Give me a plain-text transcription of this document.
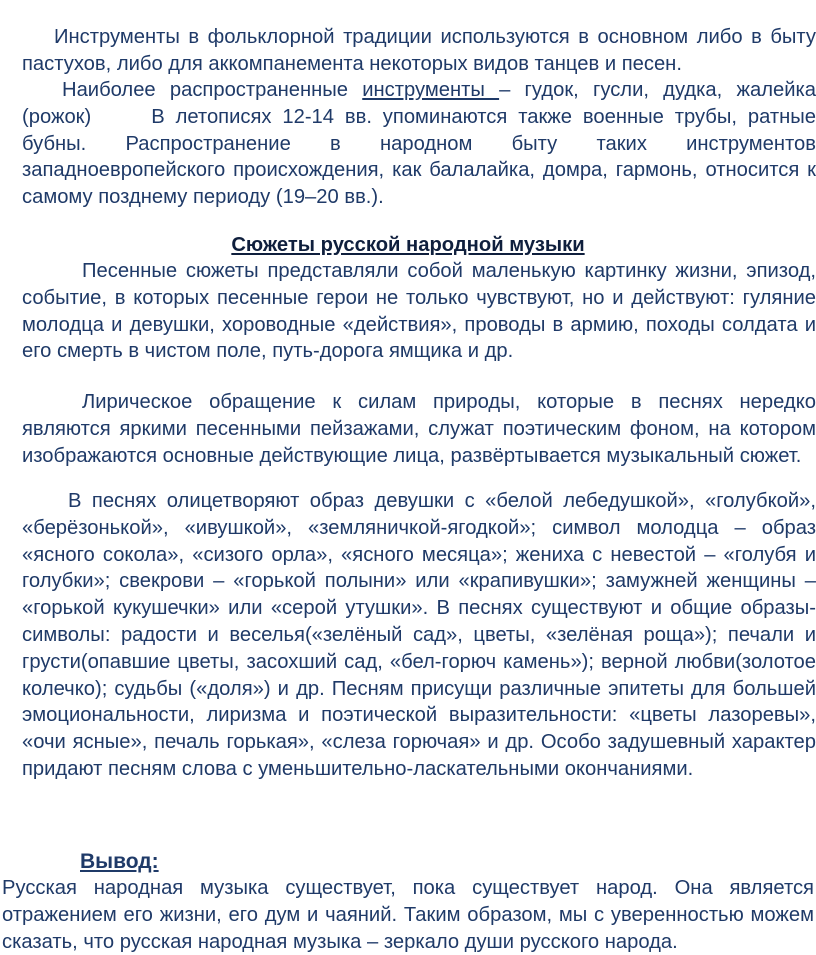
Инструменты в фольклорной традиции используются в основном либо в быту пастухов, либо для аккомпанемента некоторых видов танцев и песен.

Наиболее распространенные инструменты – гудок, гусли, дудка, жалейка (рожок)	В летописях 12-14 вв. упоминаются также военные трубы, ратные бубны. Распространение в народном быту таких инструментов западноевропейского происхождения, как балалайка, домра, гармонь, относится к самому позднему периоду (19–20 вв.).

Сюжеты русской народной музыки

Песенные сюжеты представляли собой маленькую картинку жизни, эпизод, событие, в которых песенные герои не только чувствуют, но и действуют: гуляние молодца и девушки, хороводные «действия», проводы в армию, походы солдата и его смерть в чистом поле, путь-дорога ямщика и др.

Лирическое обращение к силам природы, которые в песнях нередко являются яркими песенными пейзажами, служат поэтическим фоном, на котором изображаются основные действующие лица, развёртывается музыкальный сюжет.

В песнях олицетворяют образ девушки с «белой лебедушкой», «голубкой», «берёзонькой», «ивушкой», «земляничкой-ягодкой»; символ молодца – образ «ясного сокола», «сизого орла», «ясного месяца»; жениха с невестой – «голубя и голубки»; свекрови – «горькой полыни» или «крапивушки»; замужней женщины – «горькой кукушечки» или «серой утушки». В песнях существуют и общие образы-символы: радости и веселья(«зелёный сад», цветы, «зелёная роща»); печали и грусти(опавшие цветы, засохший сад, «бел-горюч камень»); верной любви(золотое колечко); судьбы («доля») и др. Песням присущи различные эпитеты для большей эмоциональности, лиризма и поэтической выразительности: «цветы лазоревы», «очи ясные», печаль горькая», «слеза горючая» и др. Особо задушевный характер придают песням слова с уменьшительно-ласкательными окончаниями.

Вывод:

Русская народная музыка существует, пока существует народ. Она является отражением его жизни, его дум и чаяний. Таким образом, мы с уверенностью можем сказать, что русская народная музыка – зеркало души русского народа.
